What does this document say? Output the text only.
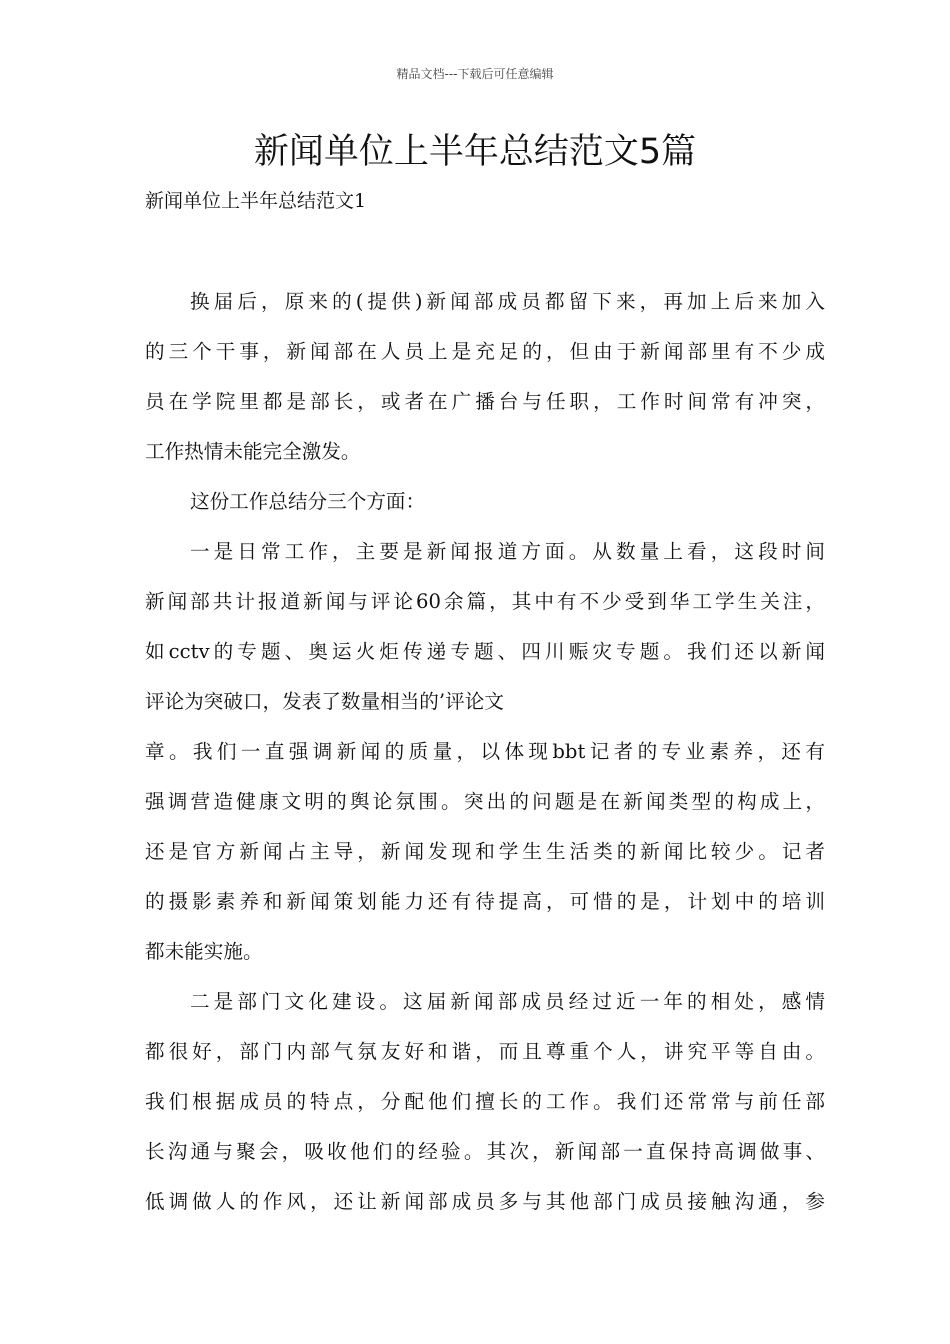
精品文档---下载后可任意编辑
新闻单位上半年总结范文5篇
新闻单位上半年总结范文1
换届后，原来的(提供)新闻部成员都留下来，再加上后来加入
的三个干事，新闻部在人员上是充足的，但由于新闻部里有不少成
员在学院里都是部长，或者在广播台与任职，工作时间常有冲突，
工作热情未能完全激发。
这份工作总结分三个方面：
一是日常工作，主要是新闻报道方面。从数量上看，这段时间
新闻部共计报道新闻与评论60余篇，其中有不少受到华工学生关注，
如cctv的专题、奥运火炬传递专题、四川赈灾专题。我们还以新闻
评论为突破口，发表了数量相当的’评论文
章。我们一直强调新闻的质量，以体现bbt记者的专业素养，还有
强调营造健康文明的舆论氛围。突出的问题是在新闻类型的构成上，
还是官方新闻占主导，新闻发现和学生生活类的新闻比较少。记者
的摄影素养和新闻策划能力还有待提高，可惜的是，计划中的培训
都未能实施。
二是部门文化建设。这届新闻部成员经过近一年的相处，感情
都很好，部门内部气氛友好和谐，而且尊重个人，讲究平等自由。
我们根据成员的特点，分配他们擅长的工作。我们还常常与前任部
长沟通与聚会，吸收他们的经验。其次，新闻部一直保持高调做事、
低调做人的作风，还让新闻部成员多与其他部门成员接触沟通，参
